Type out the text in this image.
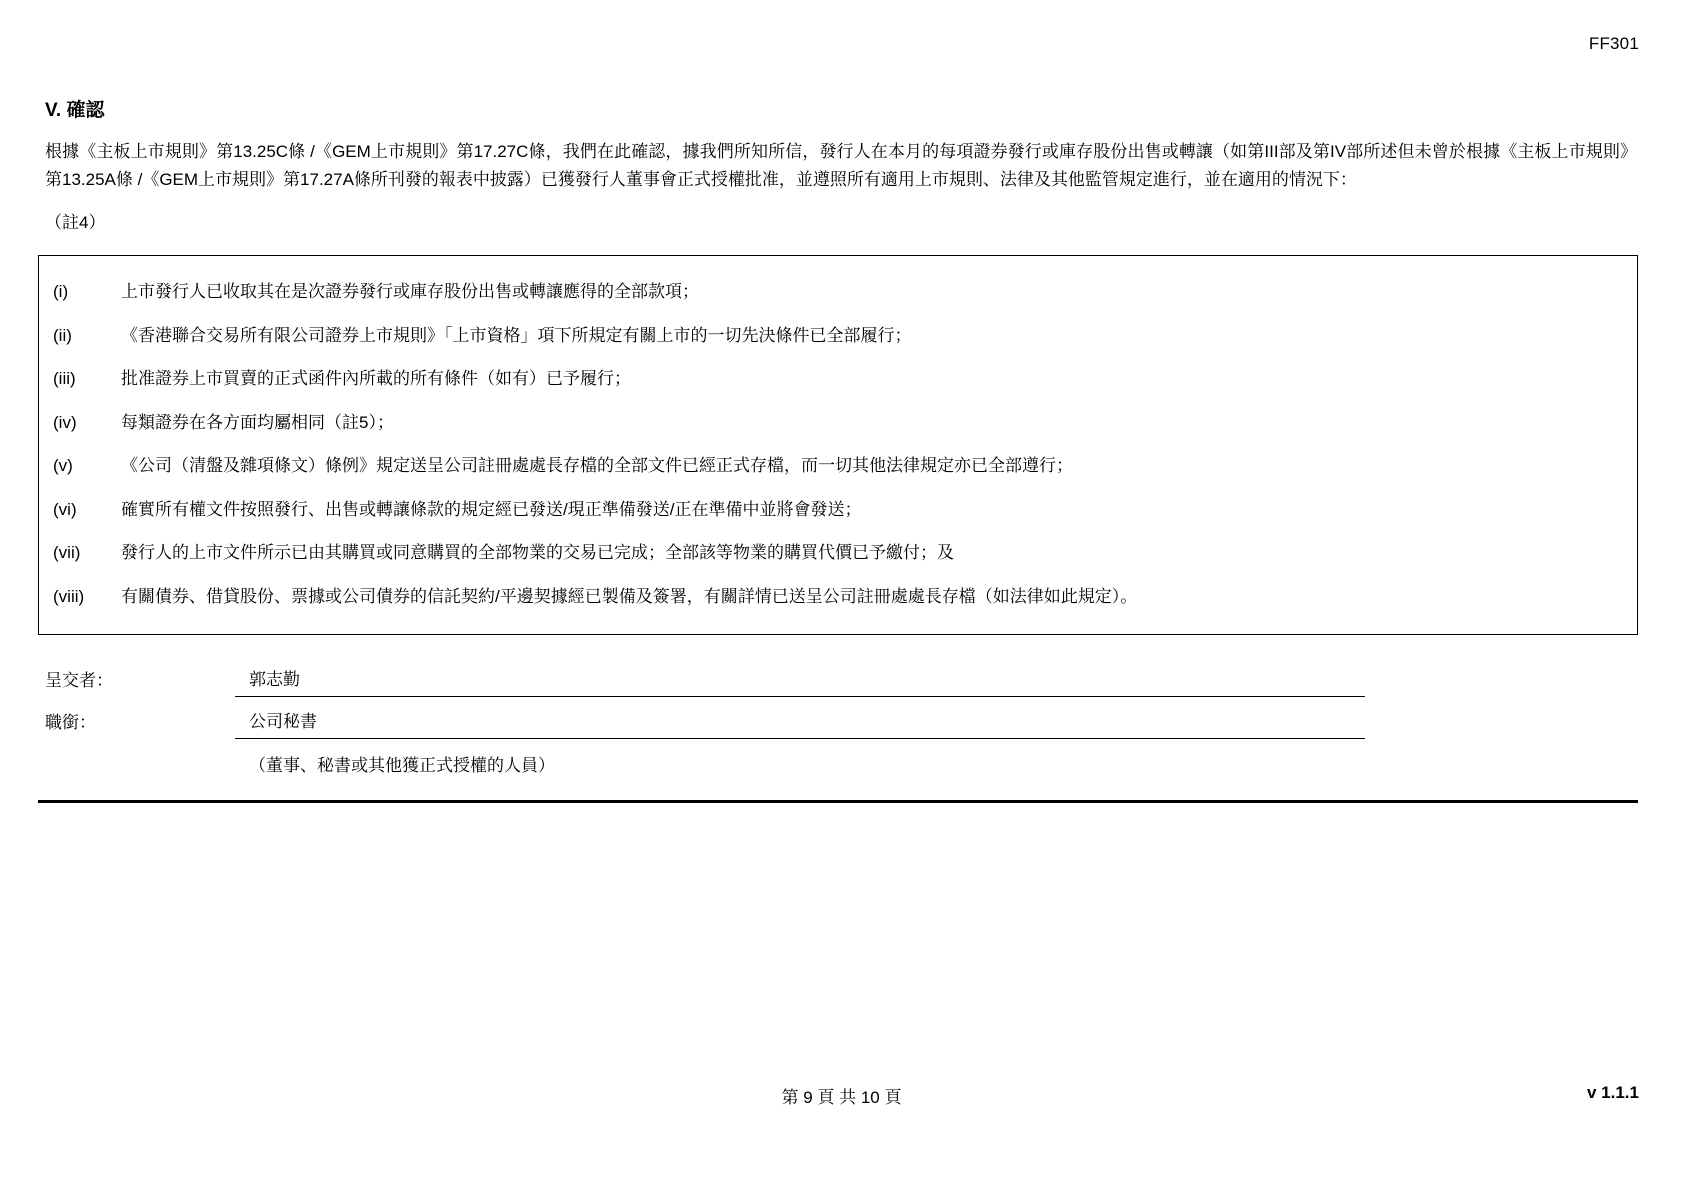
FF301
V. 確認
根據《主板上市規則》第13.25C條 /《GEM上市規則》第17.27C條，我們在此確認，據我們所知所信，發行人在本月的每項證券發行或庫存股份出售或轉讓（如第III部及第IV部所述但未曾於根據《主板上市規則》第13.25A條 /《GEM上市規則》第17.27A條所刊發的報表中披露）已獲發行人董事會正式授權批准，並遵照所有適用上市規則、法律及其他監管規定進行，並在適用的情況下：
（註4）
(i)	上市發行人已收取其在是次證券發行或庫存股份出售或轉讓應得的全部款項；
(ii)	《香港聯合交易所有限公司證券上市規則》「上市資格」項下所規定有關上市的一切先決條件已全部履行；
(iii)	批准證券上市買賣的正式函件內所載的所有條件（如有）已予履行；
(iv)	每類證券在各方面均屬相同（註5）；
(v)	《公司（清盤及雜項條文）條例》規定送呈公司註冊處處長存檔的全部文件已經正式存檔，而一切其他法律規定亦已全部遵行；
(vi)	確實所有權文件按照發行、出售或轉讓條款的規定經已發送/現正準備發送/正在準備中並將會發送；
(vii)	發行人的上市文件所示已由其購買或同意購買的全部物業的交易已完成；全部該等物業的購買代價已予繳付；及
(viii)	有關債券、借貸股份、票據或公司債券的信託契約/平邊契據經已製備及簽署，有關詳情已送呈公司註冊處處長存檔（如法律如此規定）。
呈交者：	郭志勤
職銜：	公司秘書
（董事、秘書或其他獲正式授權的人員）
第 9 頁 共 10 頁	v 1.1.1
